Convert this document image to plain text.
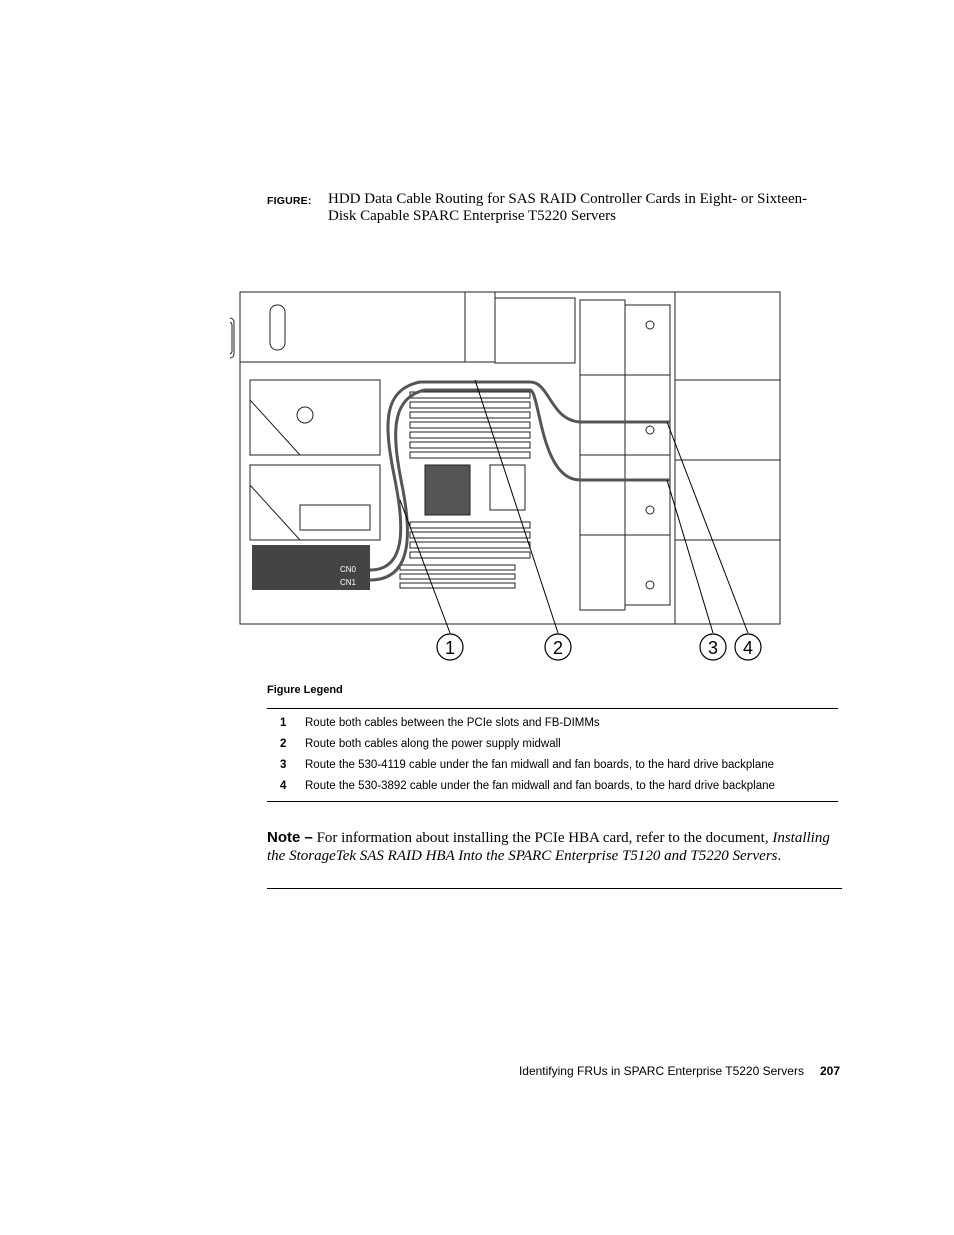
FIGURE: HDD Data Cable Routing for SAS RAID Controller Cards in Eight- or Sixteen-Disk Capable SPARC Enterprise T5220 Servers
CN0
CN1
1	2	3 4
Figure Legend
1	Route both cables between the PCIe slots and FB-DIMMs
2	Route both cables along the power supply midwall
3	Route the 530-4119 cable under the fan midwall and fan boards, to the hard drive backplane
4	Route the 530-3892 cable under the fan midwall and fan boards, to the hard drive backplane
Note – For information about installing the PCIe HBA card, refer to the document, Installing the StorageTek SAS RAID HBA Into the SPARC Enterprise T5120 and T5220 Servers.
Identifying FRUs in SPARC Enterprise T5220 Servers 207
